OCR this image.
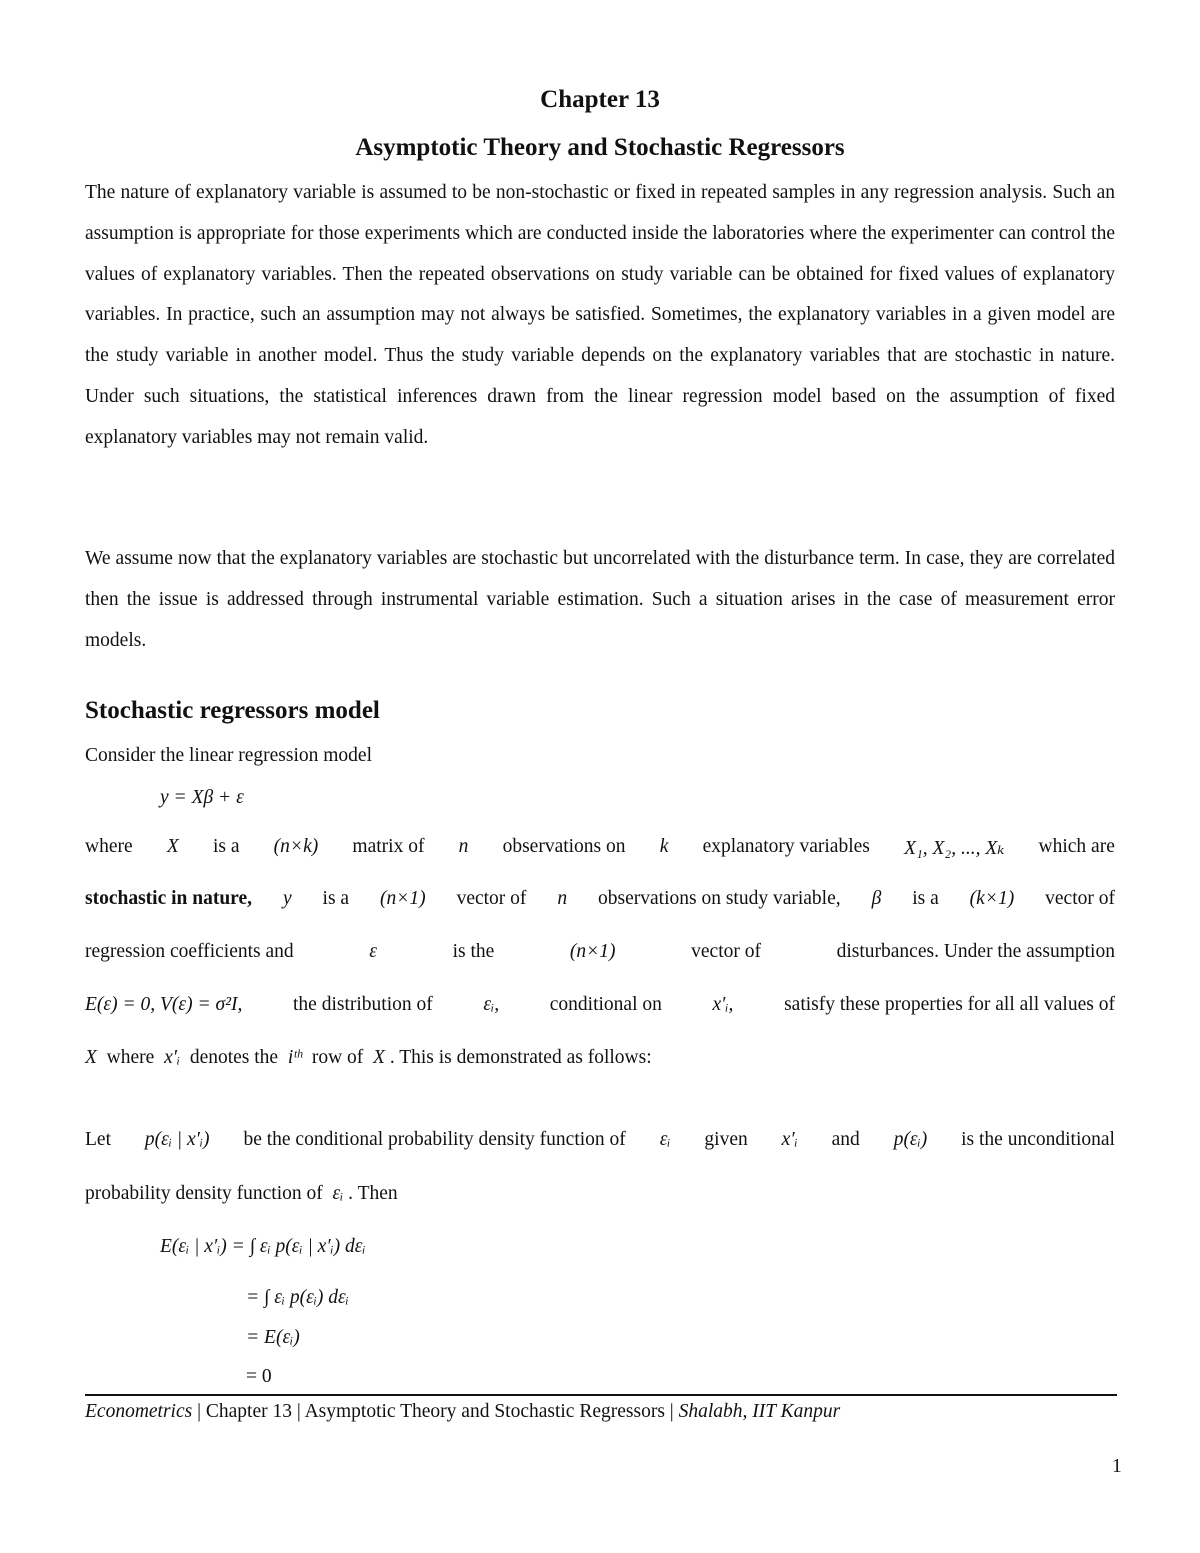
Chapter 13
Asymptotic Theory and Stochastic Regressors
The nature of explanatory variable is assumed to be non-stochastic or fixed in repeated samples in any regression analysis. Such an assumption is appropriate for those experiments which are conducted inside the laboratories where the experimenter can control the values of explanatory variables. Then the repeated observations on study variable can be obtained for fixed values of explanatory variables. In practice, such an assumption may not always be satisfied. Sometimes, the explanatory variables in a given model are the study variable in another model. Thus the study variable depends on the explanatory variables that are stochastic in nature. Under such situations, the statistical inferences drawn from the linear regression model based on the assumption of fixed explanatory variables may not remain valid.
We assume now that the explanatory variables are stochastic but uncorrelated with the disturbance term. In case, they are correlated then the issue is addressed through instrumental variable estimation. Such a situation arises in the case of measurement error models.
Stochastic regressors model
Consider the linear regression model
y = Xβ + ε
where X is a (n×k) matrix of n observations on k explanatory variables X₁, X₂, ..., Xₖ which are
stochastic in nature, y is a (n×1) vector of n observations on study variable, β is a (k×1) vector of
regression coefficients and	ε	is the	(n×1)	vector of	disturbances. Under the assumption
E(ε) = 0, V(ε) = σ²I,	the distribution of	εᵢ,	conditional on	x′ᵢ,	satisfy these properties for all all values of
X where x′ᵢ denotes the iᵗʰ row of X . This is demonstrated as follows:
Let p(εᵢ | x′ᵢ) be the conditional probability density function of εᵢ given x′ᵢ and p(εᵢ) is the unconditional
probability density function of εᵢ . Then
E(εᵢ | x′ᵢ) = ∫ εᵢ p(εᵢ | x′ᵢ) dεᵢ
= ∫ εᵢ p(εᵢ) dεᵢ
= E(εᵢ)
= 0
Econometrics | Chapter 13 | Asymptotic Theory and Stochastic Regressors | Shalabh, IIT Kanpur
1
